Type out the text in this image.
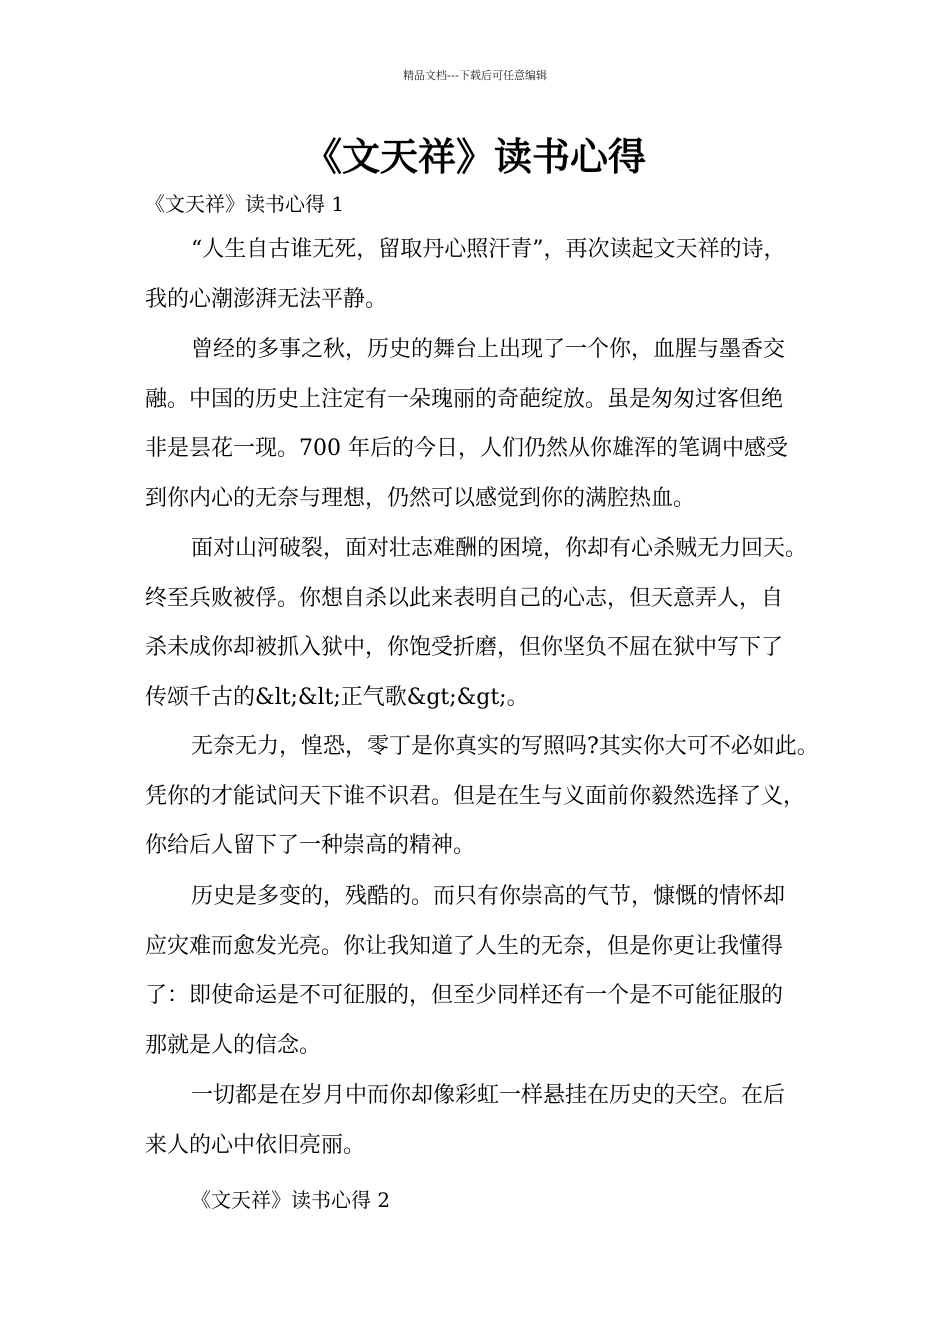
精品文档---下载后可任意编辑
《文天祥》读书心得
《文天祥》读书心得 1
“人生自古谁无死，留取丹心照汗青”，再次读起文天祥的诗，
我的心潮澎湃无法平静。
曾经的多事之秋，历史的舞台上出现了一个你，血腥与墨香交
融。中国的历史上注定有一朵瑰丽的奇葩绽放。虽是匆匆过客但绝
非是昙花一现。700 年后的今日，人们仍然从你雄浑的笔调中感受
到你内心的无奈与理想，仍然可以感觉到你的满腔热血。
面对山河破裂，面对壮志难酬的困境，你却有心杀贼无力回天。
终至兵败被俘。你想自杀以此来表明自己的心志，但天意弄人，自
杀未成你却被抓入狱中，你饱受折磨，但你坚负不屈在狱中写下了
传颂千古的&lt;&lt;正气歌&gt;&gt;。
无奈无力，惶恐，零丁是你真实的写照吗?其实你大可不必如此。
凭你的才能试问天下谁不识君。但是在生与义面前你毅然选择了义，
你给后人留下了一种崇高的精神。
历史是多变的，残酷的。而只有你崇高的气节，慷慨的情怀却
应灾难而愈发光亮。你让我知道了人生的无奈，但是你更让我懂得
了：即使命运是不可征服的，但至少同样还有一个是不可能征服的
那就是人的信念。
一切都是在岁月中而你却像彩虹一样悬挂在历史的天空。在后
来人的心中依旧亮丽。
《文天祥》读书心得 2
